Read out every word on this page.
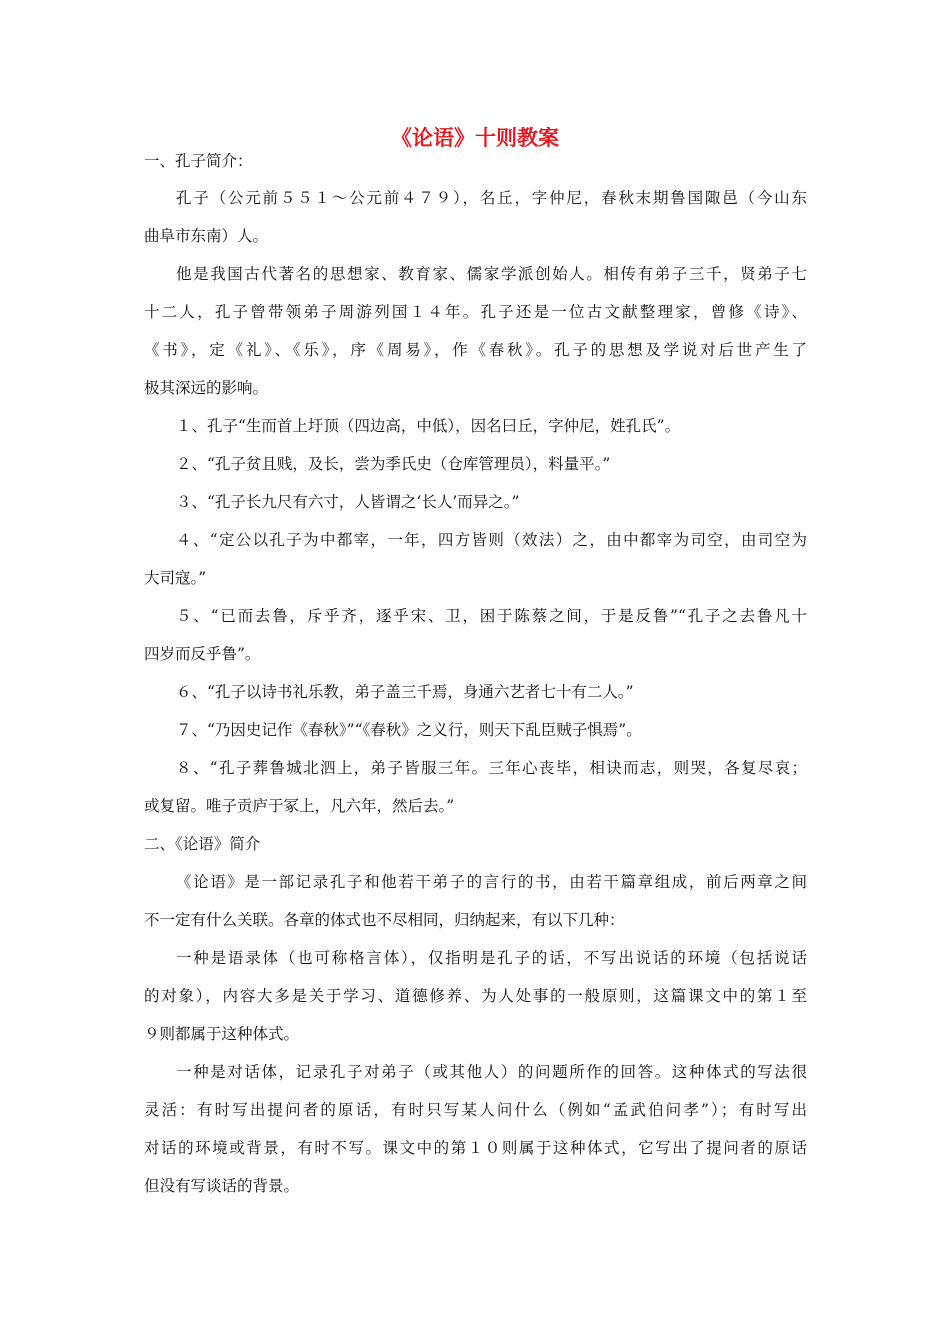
《论语》十则教案
一、孔子简介：
孔子（公元前５５１～公元前４７９），名丘，字仲尼，春秋末期鲁国陬邑（今山东
曲阜市东南）人。
他是我国古代著名的思想家、教育家、儒家学派创始人。相传有弟子三千，贤弟子七
十二人，孔子曾带领弟子周游列国１４年。孔子还是一位古文献整理家，曾修《诗》、
《书》，定《礼》、《乐》，序《周易》，作《春秋》。孔子的思想及学说对后世产生了
极其深远的影响。
１、孔子“生而首上圩顶（四边高，中低），因名曰丘，字仲尼，姓孔氏”。
２、“孔子贫且贱，及长，尝为季氏史（仓库管理员），料量平。”
３、“孔子长九尺有六寸，人皆谓之‘长人’而异之。”
４、“定公以孔子为中都宰，一年，四方皆则（效法）之，由中都宰为司空，由司空为
大司寇。”
５、“已而去鲁，斥乎齐，逐乎宋、卫，困于陈蔡之间，于是反鲁”“孔子之去鲁凡十
四岁而反乎鲁”。
６、“孔子以诗书礼乐教，弟子盖三千焉，身通六艺者七十有二人。”
７、“乃因史记作《春秋》”“《春秋》之义行，则天下乱臣贼子惧焉”。
８、“孔子葬鲁城北泗上，弟子皆服三年。三年心丧毕，相诀而志，则哭，各复尽哀；
或复留。唯子贡庐于冢上，凡六年，然后去。”
二、《论语》简介
《论语》是一部记录孔子和他若干弟子的言行的书，由若干篇章组成，前后两章之间
不一定有什么关联。各章的体式也不尽相同，归纳起来，有以下几种：
一种是语录体（也可称格言体），仅指明是孔子的话，不写出说话的环境（包括说话
的对象），内容大多是关于学习、道德修养、为人处事的一般原则，这篇课文中的第１至
９则都属于这种体式。
一种是对话体，记录孔子对弟子（或其他人）的问题所作的回答。这种体式的写法很
灵活：有时写出提问者的原话，有时只写某人问什么（例如“孟武伯问孝”）；有时写出
对话的环境或背景，有时不写。课文中的第１０则属于这种体式，它写出了提问者的原话
但没有写谈话的背景。
